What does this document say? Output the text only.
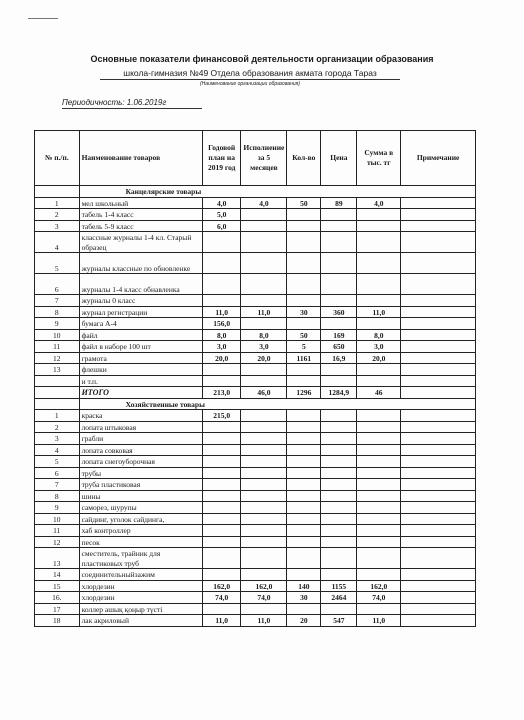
Основные показатели финансовой деятельности организации образования
школа-гимназия №49 Отдела образования акмата города Тараз
(Наименование организации образования)
Периодичность: 1.06.2019г
№ п./п.	Наименование товаров	Годовой план на 2019 год	Исполнение за 5 месяцев	Кол-во	Цена	Сумма в тыс. тг	Примечание
	Канцелярские товары						
1	мел школьный	4,0	4,0	50	89	4,0	
2	табель 1-4 класс	5,0					
3	табель 5-9 класс	6,0					
4	классные журналы 1-4 кл. Старый образец						
5	журналы классные по обновленке						
6	журналы 1-4 класс обнавленка						
7	журналы 0 класс						
8	журнал регистрации	11,0	11,0	30	360	11,0	
9	бумага А-4	156,0					
10	файл	8,0	8,0	50	169	8,0	
11	файл в наборе 100 шт	3,0	3,0	5	650	3,0	
12	грамота	20,0	20,0	1161	16,9	20,0	
13	флешки						
	и т.п.						
	ИТОГО	213,0	46,0	1296	1284,9	46	
	Хозяйственные товары						
1	краска	215,0					
2	лопата штыковая						
3	грабли						
4	лопата совковая						
5	лопата снегоуборочная						
6	трубы						
7	труба пластиковая						
8	шины						
9	саморез, шурупы						
10	сайдинг, уголок сайдинга,						
11	хаб контроллер						
12	песок						
13	сместитель, трайник для пластиковых труб						
14	соединительныйзажим						
15	хлордезин	162,0	162,0	140	1155	162,0	
16.	хлордезин	74,0	74,0	30	2464	74,0	
17	коллер ашық қоңыр түсті						
18	лак акриловый	11,0	11,0	20	547	11,0	
